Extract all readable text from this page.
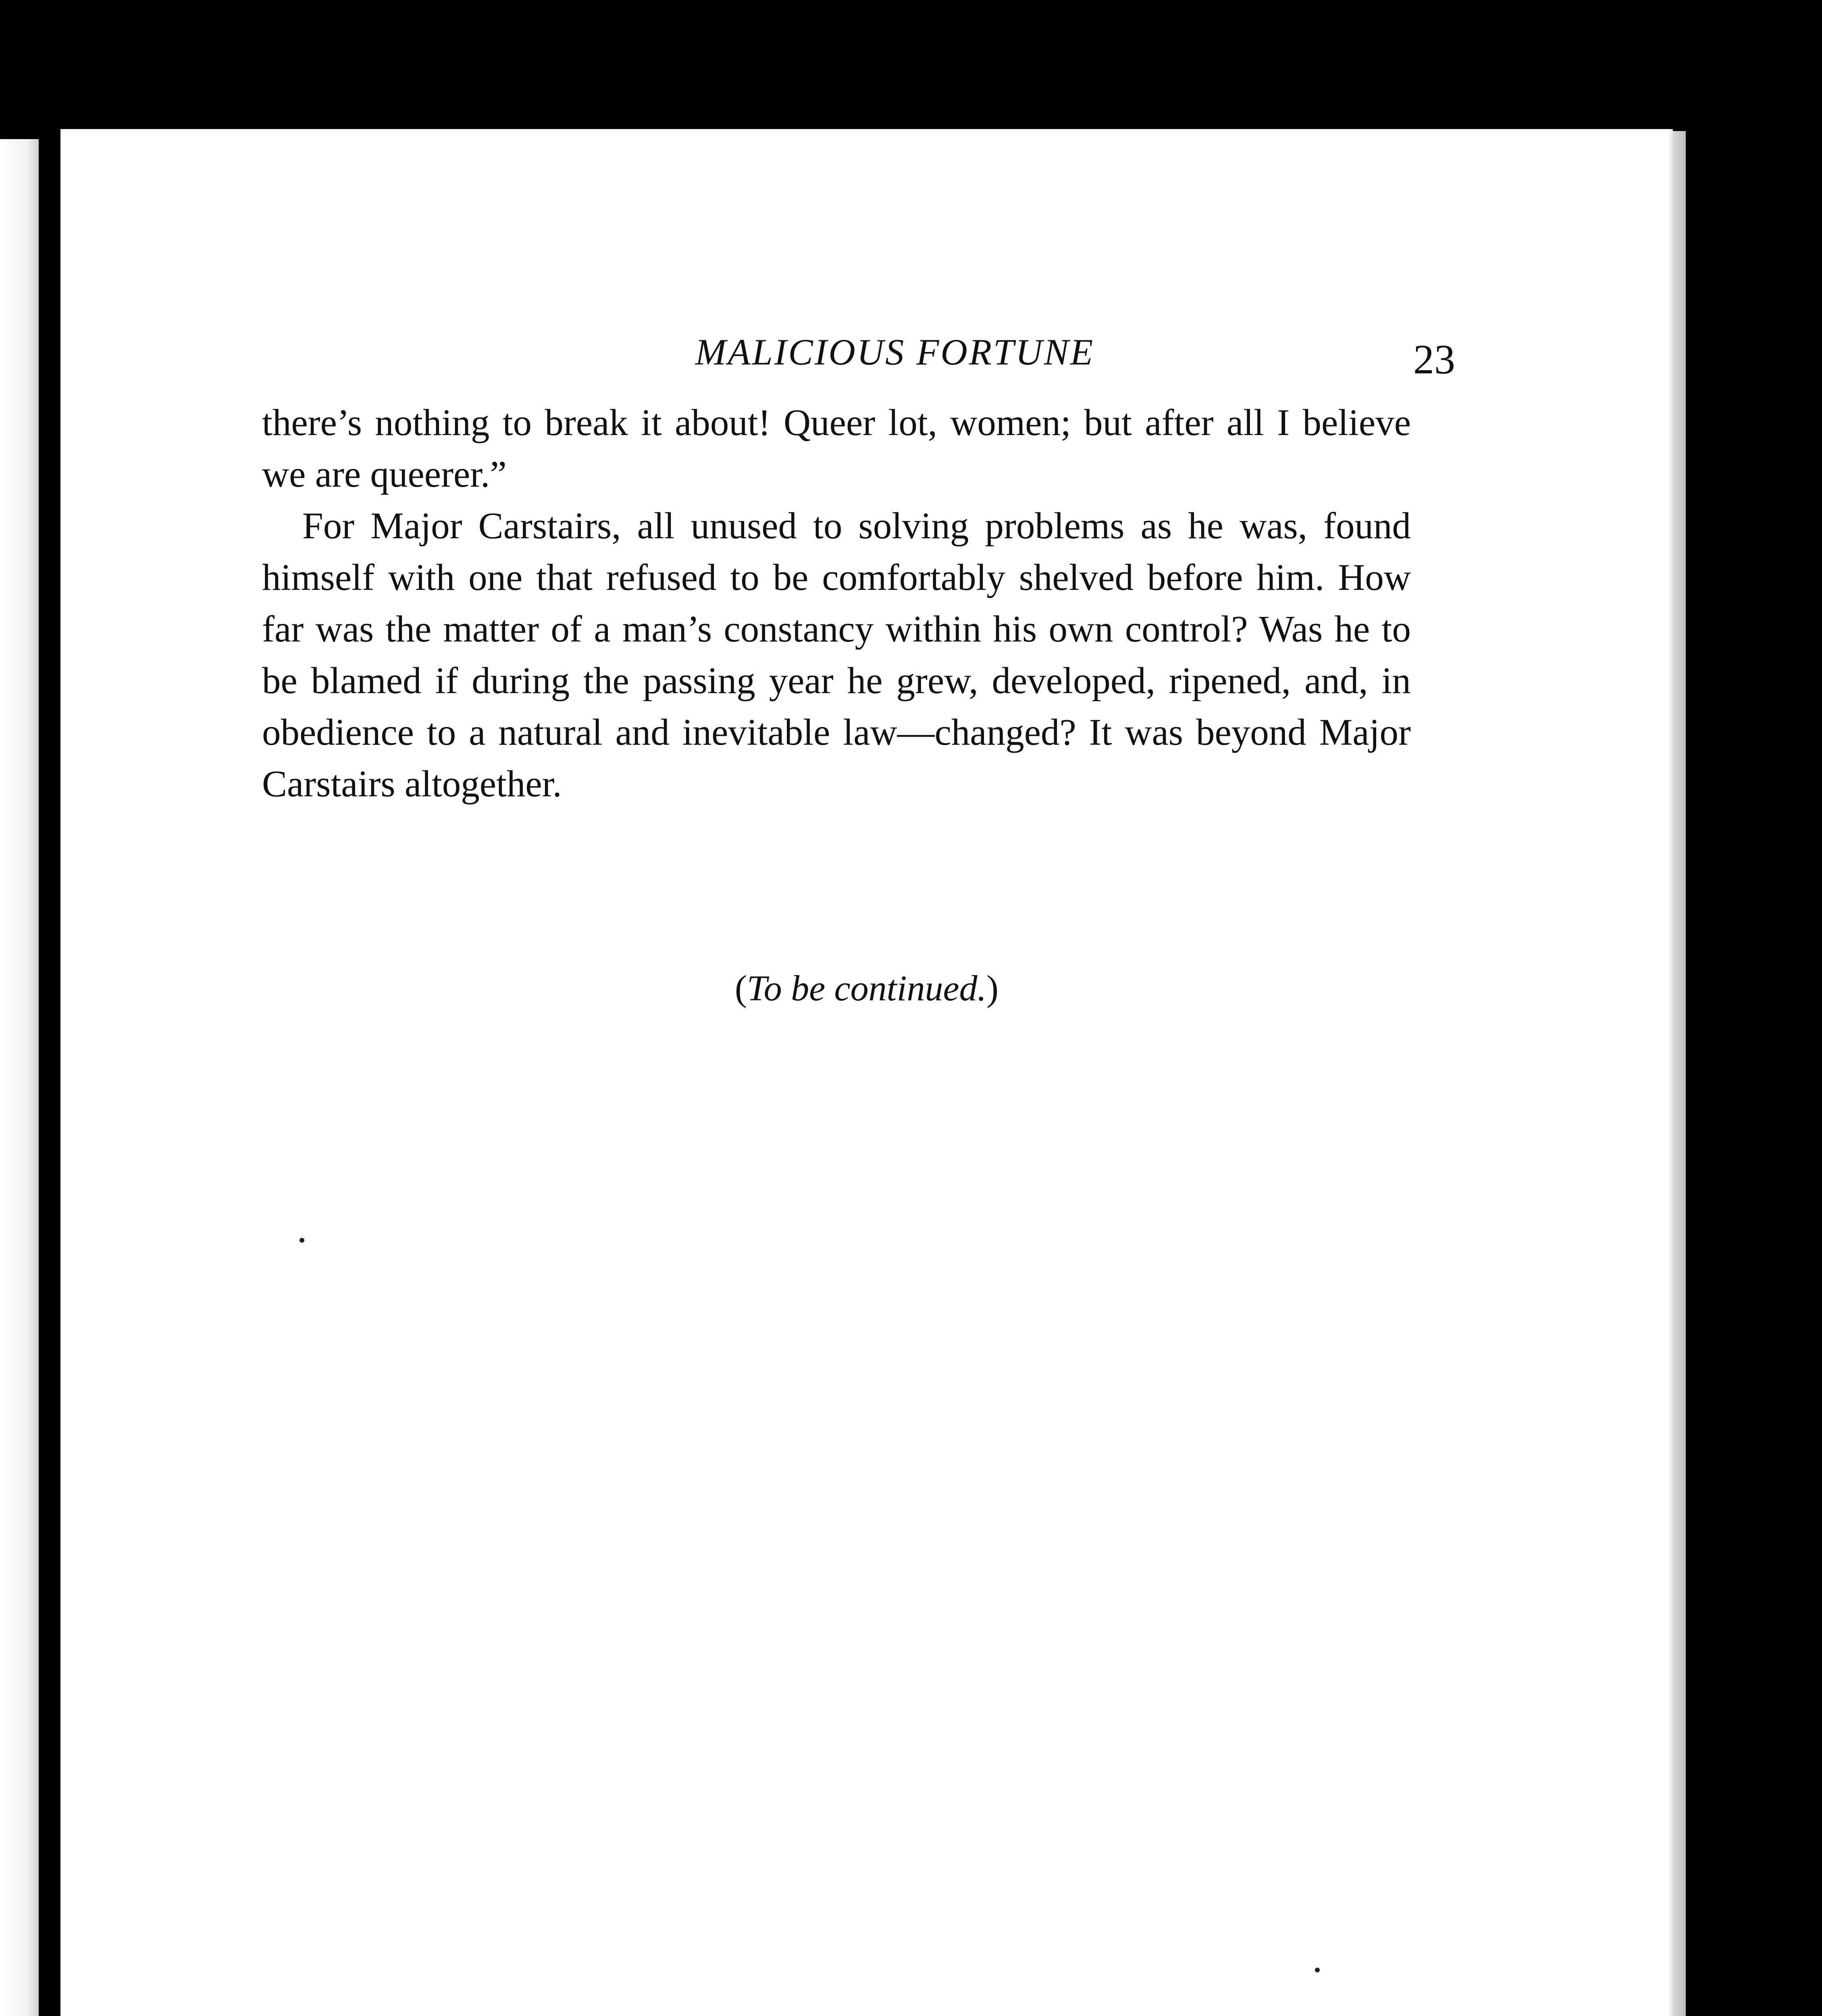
MALICIOUS FORTUNE	23

there’s nothing to break it about! Queer lot, women; but after all I believe we are queerer.”

For Major Carstairs, all unused to solving problems as he was, found himself with one that refused to be comfortably shelved before him. How far was the matter of a man’s constancy within his own control? Was he to be blamed if during the passing year he grew, developed, ripened, and, in obedience to a natural and inevitable law—changed? It was beyond Major Carstairs altogether.

(To be continued.)
